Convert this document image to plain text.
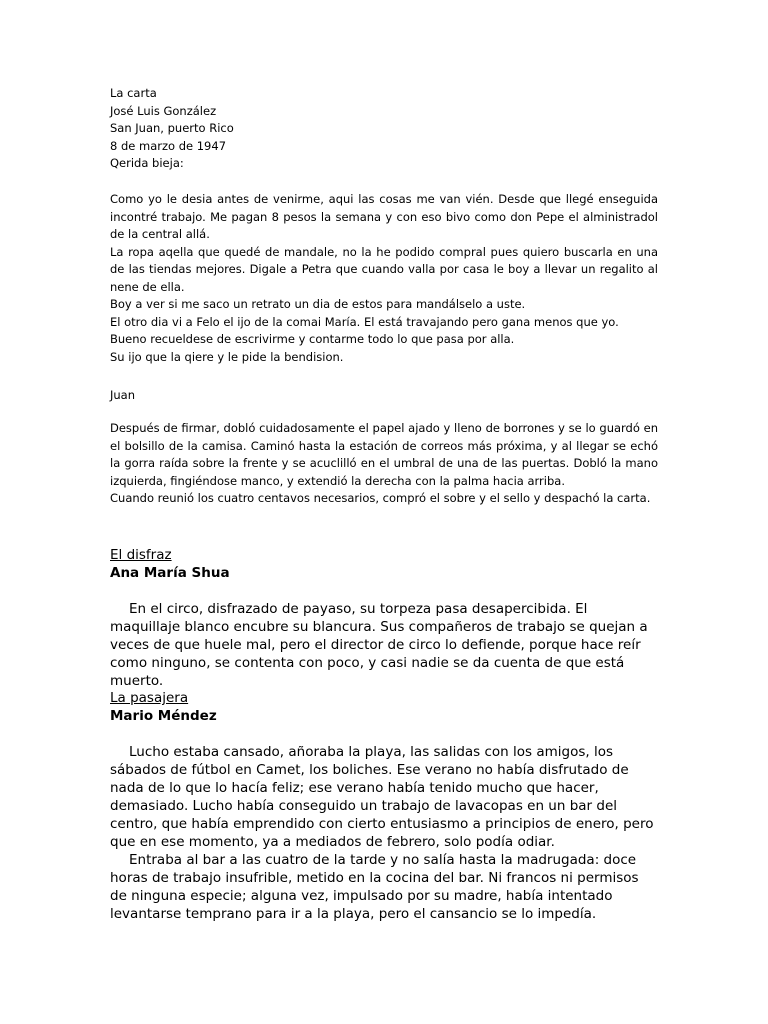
La carta

José Luis González

San Juan, puerto Rico

8 de marzo de 1947

Qerida bieja:

Como yo le desia antes de venirme, aqui las cosas me van vién. Desde que llegé enseguida incontré trabajo. Me pagan 8 pesos la semana y con eso bivo como don Pepe el alministradol de la central allá.

La ropa aqella que quedé de mandale, no la he podido compral pues quiero buscarla en una de las tiendas mejores. Digale a Petra que cuando valla por casa le boy a llevar un regalito al nene de ella.

Boy a ver si me saco un retrato un dia de estos para mandálselo a uste.

El otro dia vi a Felo el ijo de la comai María. El está travajando pero gana menos que yo.

Bueno recueldese de escrivirme y contarme todo lo que pasa por alla.

Su ijo que la qiere y le pide la bendision.

Juan

Después de firmar, dobló cuidadosamente el papel ajado y lleno de borrones y se lo guardó en el bolsillo de la camisa. Caminó hasta la estación de correos más próxima, y al llegar se echó la gorra raída sobre la frente y se acuclilló en el umbral de una de las puertas. Dobló la mano izquierda, fingiéndose manco, y extendió la derecha con la palma hacia arriba.

Cuando reunió los cuatro centavos necesarios, compró el sobre y el sello y despachó la carta.

El disfraz

Ana María Shua

En el circo, disfrazado de payaso, su torpeza pasa desapercibida. El maquillaje blanco encubre su blancura. Sus compañeros de trabajo se quejan a veces de que huele mal, pero el director de circo lo defiende, porque hace reír como ninguno, se contenta con poco, y casi nadie se da cuenta de que está muerto.

La pasajera

Mario Méndez

Lucho estaba cansado, añoraba la playa, las salidas con los amigos, los sábados de fútbol en Camet, los boliches. Ese verano no había disfrutado de nada de lo que lo hacía feliz; ese verano había tenido mucho que hacer, demasiado. Lucho había conseguido un trabajo de lavacopas en un bar del centro, que había emprendido con cierto entusiasmo a principios de enero, pero que en ese momento, ya a mediados de febrero, solo podía odiar.

Entraba al bar a las cuatro de la tarde y no salía hasta la madrugada: doce horas de trabajo insufrible, metido en la cocina del bar. Ni francos ni permisos de ninguna especie; alguna vez, impulsado por su madre, había intentado levantarse temprano para ir a la playa, pero el cansancio se lo impedía.
